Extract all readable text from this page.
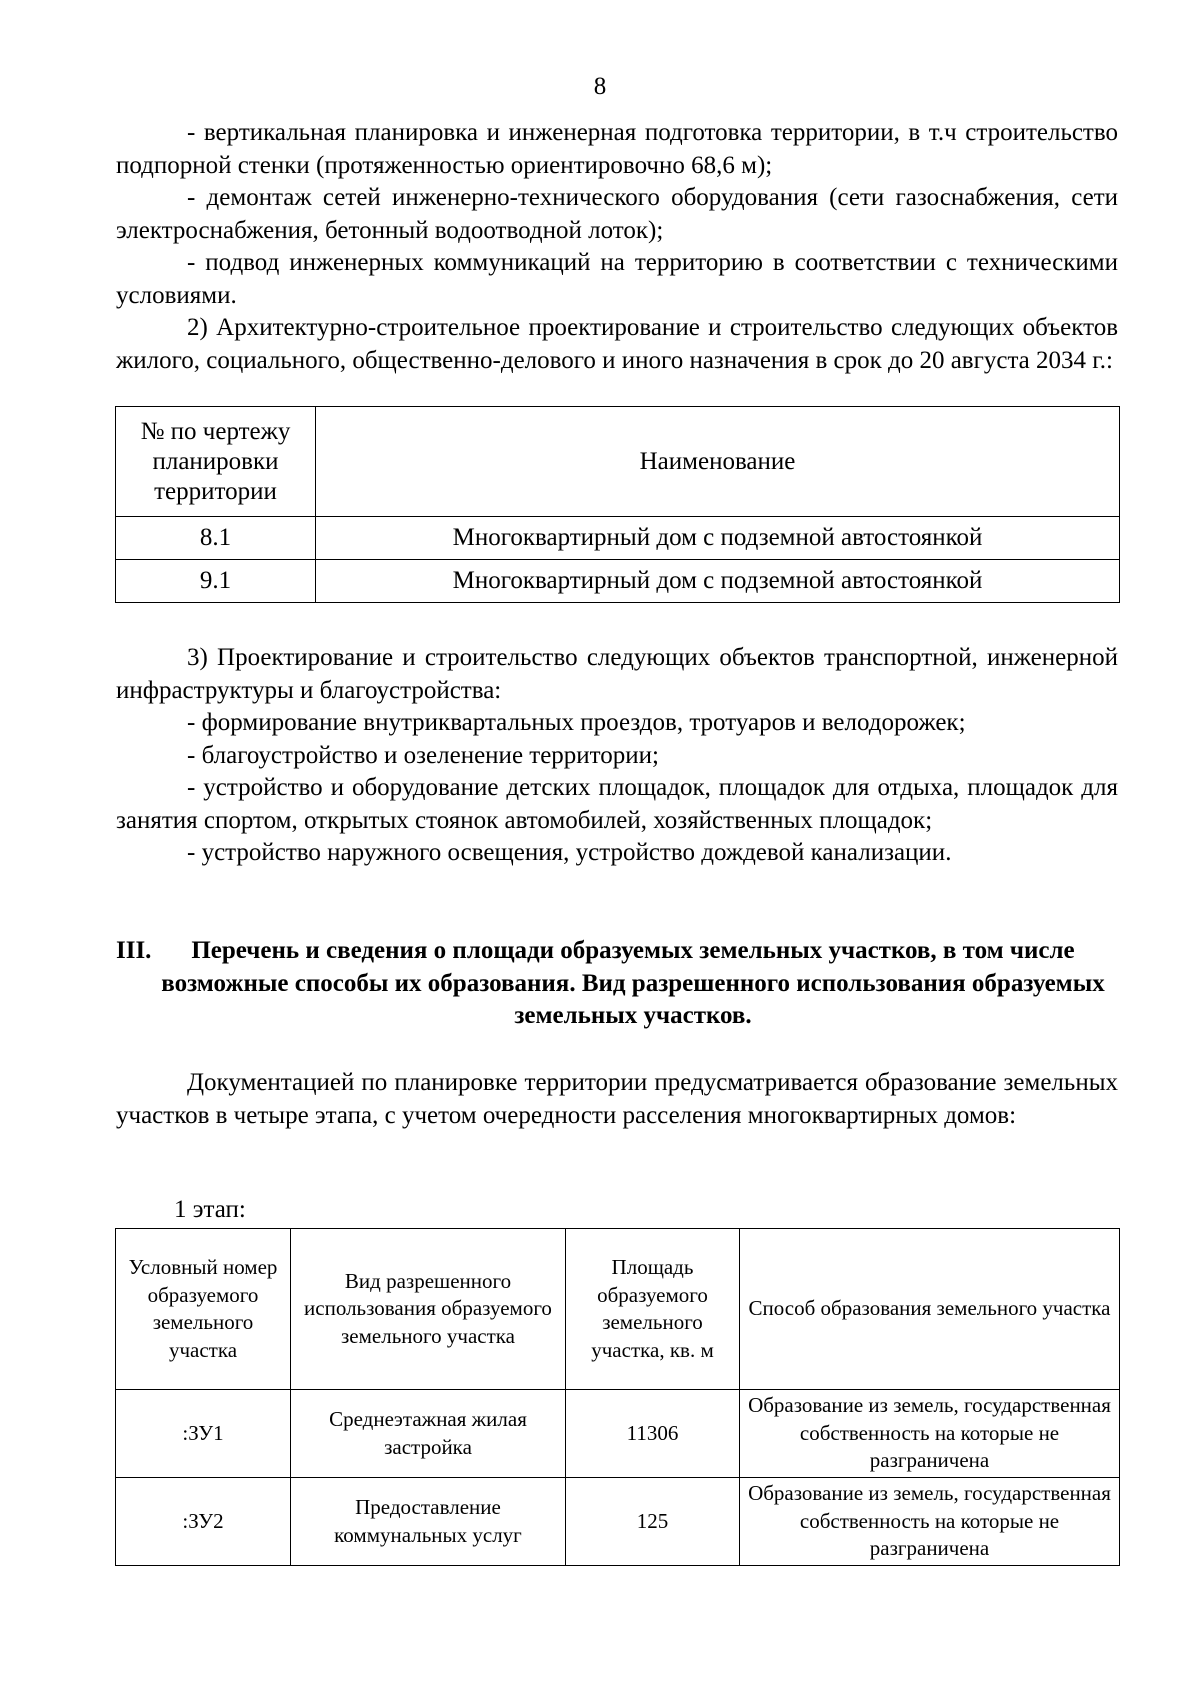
8

- вертикальная планировка и инженерная подготовка территории, в т.ч строительство подпорной стенки (протяженностью ориентировочно 68,6 м);

- демонтаж сетей инженерно-технического оборудования (сети газоснабжения, сети электроснабжения, бетонный водоотводной лоток);

- подвод инженерных коммуникаций на территорию в соответствии с техническими условиями.

2) Архитектурно-строительное проектирование и строительство следующих объектов жилого, социального, общественно-делового и иного назначения в срок до 20 августа 2034 г.:

№ по чертежу планировки территории	Наименование
8.1	Многоквартирный дом с подземной автостоянкой
9.1	Многоквартирный дом с подземной автостоянкой

3) Проектирование и строительство следующих объектов транспортной, инженерной инфраструктуры и благоустройства:

- формирование внутриквартальных проездов, тротуаров и велодорожек;

- благоустройство и озеленение территории;

- устройство и оборудование детских площадок, площадок для отдыха, площадок для занятия спортом, открытых стоянок автомобилей, хозяйственных площадок;

- устройство наружного освещения, устройство дождевой канализации.

III.	Перечень и сведения о площади образуемых земельных участков, в том числе возможные способы их образования. Вид разрешенного использования образуемых земельных участков.

Документацией по планировке территории предусматривается образование земельных участков в четыре этапа, с учетом очередности расселения многоквартирных домов:

1 этап:
Условный номер образуемого земельного участка	Вид разрешенного использования образуемого земельного участка	Площадь образуемого земельного участка, кв. м	Способ образования земельного участка
:ЗУ1	Среднеэтажная жилая застройка	11306	Образование из земель, государственная собственность на которые не разграничена
:ЗУ2	Предоставление коммунальных услуг	125	Образование из земель, государственная собственность на которые не разграничена
